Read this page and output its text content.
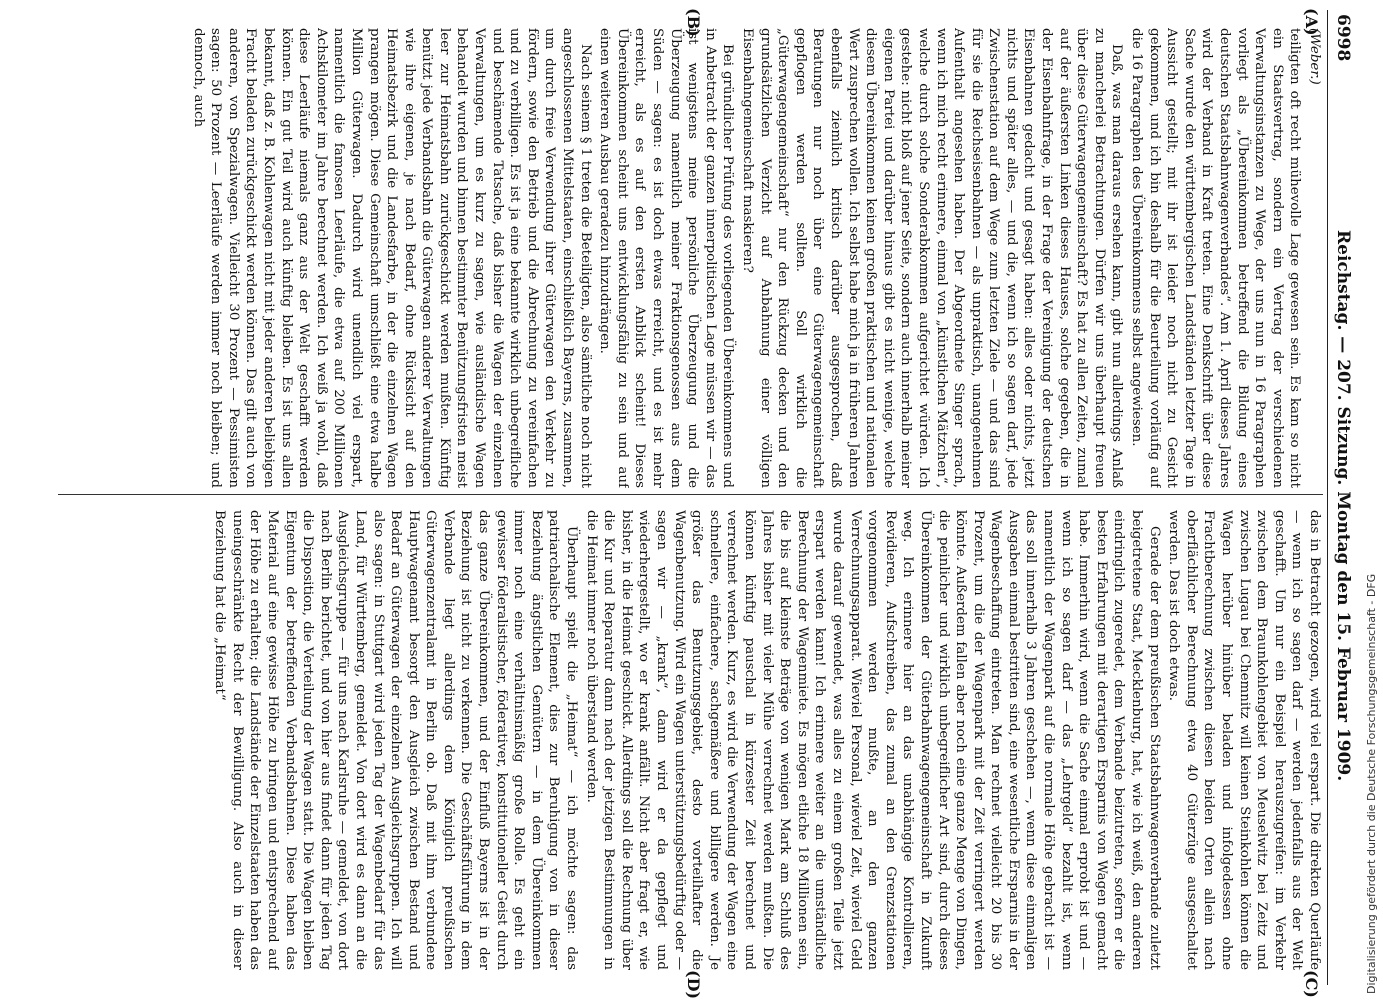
6998
Reichstag. — 207. Sitzung. Montag den 15. Februar 1909.
(A)
(B)
(C)
(D)

(Weber.)

teiligten oft recht mühevolle Lage gewesen sein. Es kam so nicht ein Staatsvertrag, sondern ein Vertrag der verschiedenen Verwaltungsinstanzen zu Wege, der uns nun in 16 Paragraphen vorliegt als „Übereinkommen betreffend die Bildung eines deutschen Staatsbahnwagenverbandes“. Am 1. April dieses Jahres wird der Verband in Kraft treten. Eine Denkschrift über diese Sache wurde den württembergischen Landständen letzter Tage in Aussicht gestellt; mit ihr ist leider noch nicht zu Gesicht gekommen, und ich bin deshalb für die Beurteilung vorläufig auf die 16 Paragraphen des Übereinkommens selbst angewiesen.

Daß, was man daraus ersehen kann, gibt nun allerdings Anlaß zu mancherlei Betrachtungen. Dürfen wir uns überhaupt freuen über diese Güterwagengemeinschaft? Es hat zu allen Zeiten, zumal auf der äußersten Linken dieses Hauses, solche gegeben, die in der Eisenbahnfrage, in der Frage der Vereinigung der deutschen Eisenbahnen gedacht und gesagt haben: alles oder nichts, jetzt nichts und später alles, — und die, wenn ich so sagen darf, jede Zwischenstation auf dem Wege zum letzten Ziele — und das sind für sie die Reichseisenbahnen — als unpraktisch, unangenehmen Aufenthalt angesehen haben. Der Abgeordnete Singer sprach, wenn ich mich recht erinnere, einmal von „künstlichen Mätzchen“, welche durch solche Sonderabkommen aufgerichtet würden. Ich gestehe: nicht bloß auf jener Seite, sondern auch innerhalb meiner eigenen Partei und darüber hinaus gibt es nicht wenige, welche diesem Übereinkommen keinen großen praktischen und nationalen Wert zusprechen wollen. Ich selbst habe mich ja in früheren Jahren ebenfalls ziemlich kritisch darüber ausgesprochen, daß Beratungen nur noch über eine Güterwagengemeinschaft gepflogen werden sollten. Soll wirklich die „Güterwagengemeinschaft“ nur den Rückzug decken und den grundsätzlichen Verzicht auf Anbahnung einer völligen Eisenbahngemeinschaft maskieren?

Bei gründlicher Prüfung des vorliegenden Übereinkommens und in Anbetracht der ganzen innerpolitischen Lage müssen wir — das ist wenigstens meine persönliche Überzeugung und die Überzeugung namentlich meiner Fraktionsgenossen aus dem Süden — sagen: es ist doch etwas erreicht, und es ist mehr erreicht, als es auf den ersten Anblick scheint! Dieses Übereinkommen scheint uns entwicklungsfähig zu sein und auf einen weiteren Ausbau geradezu hinzudrängen.

Nach seinem § 1 treten die Beteiligten, also sämtliche noch nicht angeschlossenen Mittelstaaten, einschließlich Bayerns, zusammen, um durch freie Verwendung ihrer Güterwagen den Verkehr zu fördern, sowie den Betrieb und die Abrechnung zu vereinfachen und zu verbilligen. Es ist ja eine bekannte wirklich unbegreifliche und beschämende Tatsache, daß bisher die Wagen der einzelnen Verwaltungen, um es kurz zu sagen, wie ausländische Wagen behandelt wurden und binnen bestimmter Benützungsfristen meist leer zur Heimatsbahn zurückgeschickt werden mußten. Künftig benützt jede Verbandsbahn die Güterwagen anderer Verwaltungen wie ihre eigenen, je nach Bedarf, ohne Rücksicht auf den Heimatsbezirk und die Landesfarbe, in der die einzelnen Wagen prangen mögen. Diese Gemeinschaft umschließt eine etwa halbe Million Güterwagen. Dadurch wird unendlich viel erspart, namentlich die famosen Leerläufe, die etwa auf 200 Millionen Achskilometer im Jahre berechnet werden. Ich weiß ja wohl, daß diese Leerläufe niemals ganz aus der Welt geschafft werden können. Ein gut Teil wird auch künftig bleiben. Es ist uns allen bekannt, daß z. B. Kohlenwagen nicht mit jeder anderen beliebigen Fracht beladen zurückgeschickt werden können. Das gilt auch von anderen, von Spezialwagen. Vielleicht 30 Prozent — Pessimisten sagen: 50 Prozent — Leerläufe werden immer noch bleiben; und dennoch, auch

das in Betracht gezogen, wird viel erspart. Die direkten Querläufe — wenn ich so sagen darf — werden jedenfalls aus der Welt geschafft. Um nur ein Beispiel herauszugreifen: im Verkehr zwischen dem Braunkohlengebiet von Meuselwitz bei Zeitz und zwischen Lugau bei Chemnitz will keinen Steinkohlen können die Wagen herüber hinüber beladen und infolgedessen ohne Frachtberechnung zwischen diesen beiden Orten allein nach oberflächlicher Berechnung etwa 40 Güterzüge ausgeschaltet werden. Das ist doch etwas.

Gerade der dem preußischen Staatsbahnwagenverbande zuletzt beigetretene Staat, Mecklenburg, hat, wie ich weiß, den anderen eindringlich zugeredet, dem Verbande beizutreten, sofern er die besten Erfahrungen mit derartigen Ersparnis von Wagen gemacht habe. Immerhin wird, wenn die Sache einmal erprobt ist und — wenn ich so sagen darf — das „Lehrgeld“ bezahlt ist, wenn namentlich der Wagenpark auf die normale Höhe gebracht ist — das soll innerhalb 3 Jahren geschehen —, wenn diese einmaligen Ausgaben einmal bestritten sind, eine wesentliche Ersparnis in der Wagenbeschaffung eintreten. Man rechnet vielleicht 20 bis 30 Prozent, um die der Wagenpark mit der Zeit verringert werden könnte. Außerdem fallen aber noch eine ganze Menge von Dingen, die peinlicher und wirklich unbegreiflicher Art sind, durch dieses Übereinkommen der Güterbahnwagengemeinschaft in Zukunft weg. Ich erinnere hier an das unabhängige Kontrollieren, Revidieren, Aufschreiben, das zumal an den Grenzstationen vorgenommen werden mußte, an den ganzen Verrechnungsapparat. Wieviel Personal, wieviel Zeit, wieviel Geld wurde darauf gewendet, was alles zu einem großen Teile jetzt erspart werden kann! Ich erinnere weiter an die umständliche Berechnung der Wagenmiete. Es mögen etliche 18 Millionen sein, die bis auf kleinste Beträge von wenigen Mark am Schluß des Jahres bisher mit vieler Mühe verrechnet werden mußten. Die können künftig pauschal in kürzester Zeit berechnet und verrechnet werden. Kurz, es wird die Verwendung der Wagen eine schnellere, einfachere, sachgemäßere und billigere werden. Je größer das Benutzungsgebiet, desto vorteilhafter die Wagenbenutzung. Wird ein Wagen unterstützungsbedürftig oder — sagen wir — „krank“, dann wird er da gepflegt und wiederhergestellt, wo er krank anfällt. Nicht aber fragt er, wie bisher, in die Heimat geschickt. Allerdings soll die Rechnung über die Kur und Reparatur dann nach der jetzigen Bestimmungen in die Heimat immer noch überstand werden.

Überhaupt spielt die „Heimat“ — ich möchte sagen: das patriarchalische Element, dies zur Beruhigung von in dieser Beziehung ängstlichen Gemütern — in dem Übereinkommen immer noch eine verhältnismäßig große Rolle. Es geht ein gewisser föderalistischer, föderativer, konstitutioneller Geist durch das ganze Übereinkommen, und der Einfluß Bayerns ist in der Beziehung ist nicht zu verkennen. Die Geschäftsführung in dem Verbande liegt allerdings dem Königlich preußischen Güterwagenzentralamt in Berlin ob. Daß mit ihm verbundene Hauptwagenamt besorgt den Ausgleich zwischen Bestand und Bedarf an Güterwagen der einzelnen Ausgleichsgruppen. Ich will also sagen: in Stuttgart wird jeden Tag der Wagenbedarf für das Land, für Württemberg, gemeldet. Von dort wird es dann an die Ausgleichsgruppe — für uns nach Karlsruhe — gemeldet, von dort nach Berlin berichtet, und von hier aus findet dann für jeden Tag die Disposition, die Verteilung der Wagen statt. Die Wagen bleiben Eigentum der betreffenden Verbandsbahnen. Diese haben das Material auf eine gewisse Höhe zu bringen und entsprechend auf der Höhe zu erhalten; die Landstände der Einzelstaaten haben das uneingeschränkte Recht der Bewilligung. Also auch in dieser Beziehung hat die „Heimat“	Digitalisierung gefördert durch die Deutsche Forschungsgemeinschaft - DFG
